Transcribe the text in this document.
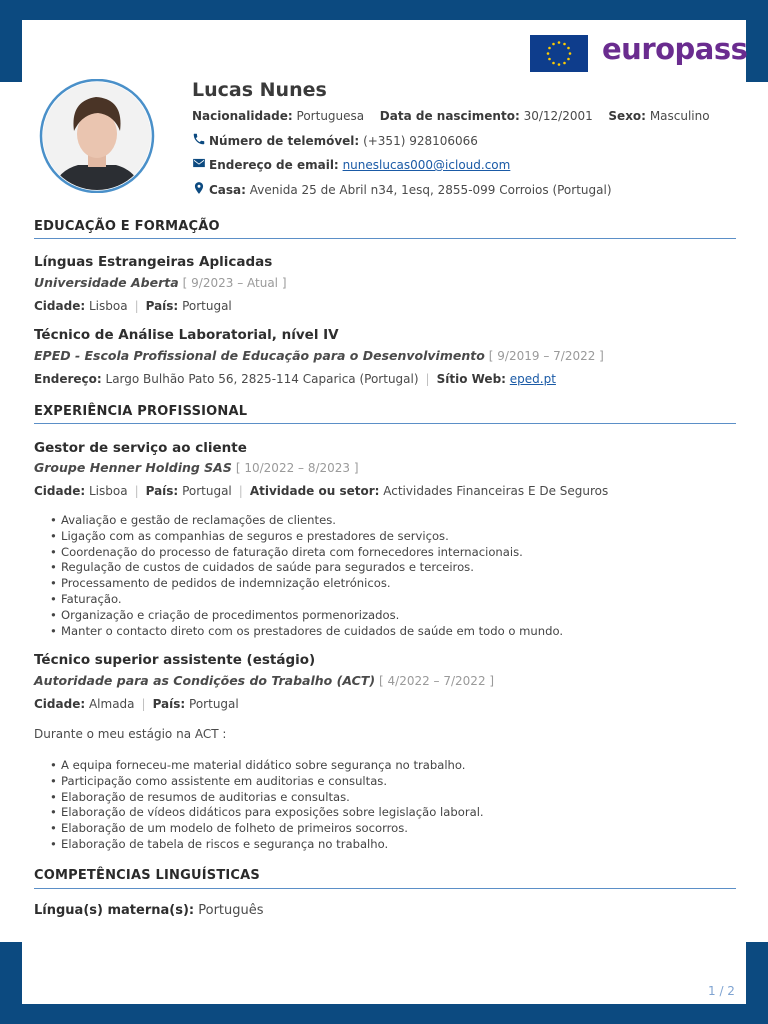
europass
Lucas Nunes
Nacionalidade: Portuguesa Data de nascimento: 30/12/2001 Sexo: Masculino
Número de telemóvel: (+351) 928106066
Endereço de email: nuneslucas000@icloud.com
Casa: Avenida 25 de Abril n34, 1esq, 2855-099 Corroios (Portugal)
EDUCAÇÃO E FORMAÇÃO
Línguas Estrangeiras Aplicadas
Universidade Aberta [ 9/2023 – Atual ]
Cidade: Lisboa | País: Portugal
Técnico de Análise Laboratorial, nível IV
EPED - Escola Profissional de Educação para o Desenvolvimento [ 9/2019 – 7/2022 ]
Endereço: Largo Bulhão Pato 56, 2825-114 Caparica (Portugal) | Sítio Web: eped.pt
EXPERIÊNCIA PROFISSIONAL
Gestor de serviço ao cliente
Groupe Henner Holding SAS [ 10/2022 – 8/2023 ]
Cidade: Lisboa | País: Portugal | Atividade ou setor: Actividades Financeiras E De Seguros
• Avaliação e gestão de reclamações de clientes.
• Ligação com as companhias de seguros e prestadores de serviços.
• Coordenação do processo de faturação direta com fornecedores internacionais.
• Regulação de custos de cuidados de saúde para segurados e terceiros.
• Processamento de pedidos de indemnização eletrónicos.
• Faturação.
• Organização e criação de procedimentos pormenorizados.
• Manter o contacto direto com os prestadores de cuidados de saúde em todo o mundo.
Técnico superior assistente (estágio)
Autoridade para as Condições do Trabalho (ACT) [ 4/2022 – 7/2022 ]
Cidade: Almada | País: Portugal
Durante o meu estágio na ACT :
• A equipa forneceu-me material didático sobre segurança no trabalho.
• Participação como assistente em auditorias e consultas.
• Elaboração de resumos de auditorias e consultas.
• Elaboração de vídeos didáticos para exposições sobre legislação laboral.
• Elaboração de um modelo de folheto de primeiros socorros.
• Elaboração de tabela de riscos e segurança no trabalho.
COMPETÊNCIAS LINGUÍSTICAS
Língua(s) materna(s): Português
1 / 2
